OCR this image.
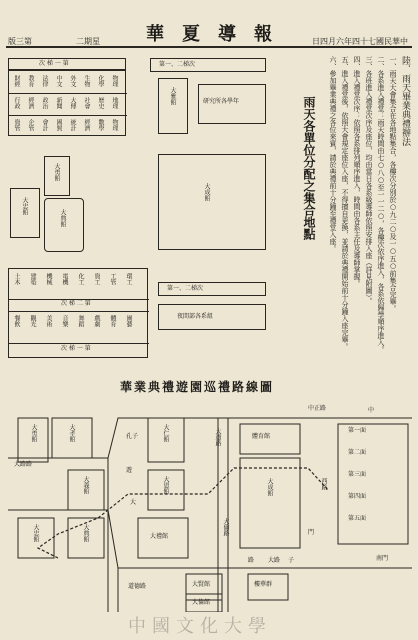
華夏導報
版三第	二期星	日四月六年四十七國民華中
陸．雨天畢業典禮辦法
一、雨天大會集合在各地點集合，各樓次分別於○九二○及一○五○前集合完畢。
二、各系進入禮堂：雨天時間由七○八○至一一二○，各樓次依序進入，各系依歸學順序進入。
三、各班進入禮堂次序及座位，均由當日各系級導師依照安排入座（詳見附圖）。
四、進入禮堂次序：依照各系排列順序進入，時間由各系主任及導師掌握。
五、進入禮堂後，依照大會規定座位入座，不得擅自更換，並請於典禮開始前十分鐘入座完畢。
六、參加畢業典禮之各位來賓，請於典禮前十分鐘至禮堂入座。
雨天各單位分配之集合地點
次 梯 一 第
財經 教育 法律 中文 外文 生物 化學 物理
行政 經濟 政治 新聞 大傳 社會 歷史 地理
資管 企管 會計 國貿 統計 經濟 數學 物理
大勇館
大忠館
大典館
第一、二梯次
大雅館	研究所各學年
大成館
土木 建築 機械 電機 化工 資工 工管 環工
次 梯 二 第
餐飲 觀光 美術 音樂 舞蹈 戲劇 體育 園藝
次 梯 一 第
第一、二梯次
夜間部各系組
華業典禮遊園巡禮路線圖
大勇館
大成館
大孝館
大忠館
大義館
大仁館
大恩館
大典館
大賢館
大倫館
大禮館
體育館
樓華群
中正路
西路
大路
道德路
大倫路
大路路
大道路
南門
第一面
第二面
第三面
第四面
第五面
孔子
遊
中
門
大
子
路
中國文化大學
